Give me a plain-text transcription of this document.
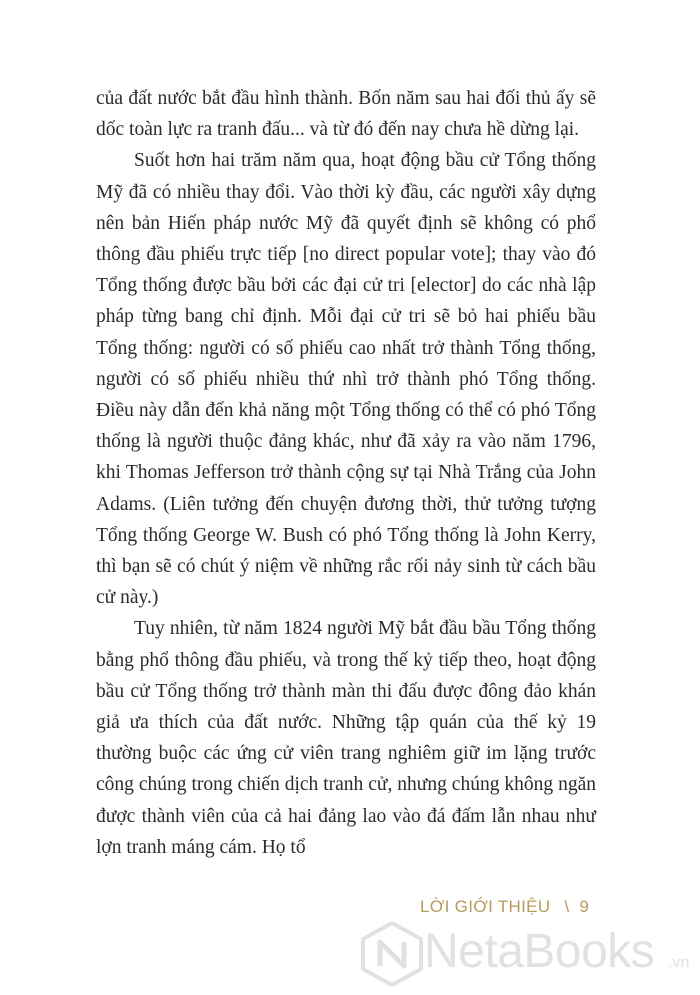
của đất nước bắt đầu hình thành. Bốn năm sau hai đối thủ ấy sẽ dốc toàn lực ra tranh đấu... và từ đó đến nay chưa hề dừng lại.

Suốt hơn hai trăm năm qua, hoạt động bầu cử Tổng thống Mỹ đã có nhiều thay đổi. Vào thời kỳ đầu, các người xây dựng nên bản Hiến pháp nước Mỹ đã quyết định sẽ không có phổ thông đầu phiếu trực tiếp [no direct popular vote]; thay vào đó Tổng thống được bầu bởi các đại cử tri [elector] do các nhà lập pháp từng bang chỉ định. Mỗi đại cử tri sẽ bỏ hai phiếu bầu Tổng thống: người có số phiếu cao nhất trở thành Tổng thống, người có số phiếu nhiều thứ nhì trở thành phó Tổng thống. Điều này dẫn đến khả năng một Tổng thống có thể có phó Tổng thống là người thuộc đảng khác, như đã xảy ra vào năm 1796, khi Thomas Jefferson trở thành cộng sự tại Nhà Trắng của John Adams. (Liên tưởng đến chuyện đương thời, thử tưởng tượng Tổng thống George W. Bush có phó Tổng thống là John Kerry, thì bạn sẽ có chút ý niệm về những rắc rối nảy sinh từ cách bầu cử này.)

Tuy nhiên, từ năm 1824 người Mỹ bắt đầu bầu Tổng thống bằng phổ thông đầu phiếu, và trong thế kỷ tiếp theo, hoạt động bầu cử Tổng thống trở thành màn thi đấu được đông đảo khán giả ưa thích của đất nước. Những tập quán của thế kỷ 19 thường buộc các ứng cử viên trang nghiêm giữ im lặng trước công chúng trong chiến dịch tranh cử, nhưng chúng không ngăn được thành viên của cả hai đảng lao vào đá đấm lẫn nhau như lợn tranh máng cám. Họ tổ

LỜI GIỚI THIỆU \ 9
NetaBooks .vn
